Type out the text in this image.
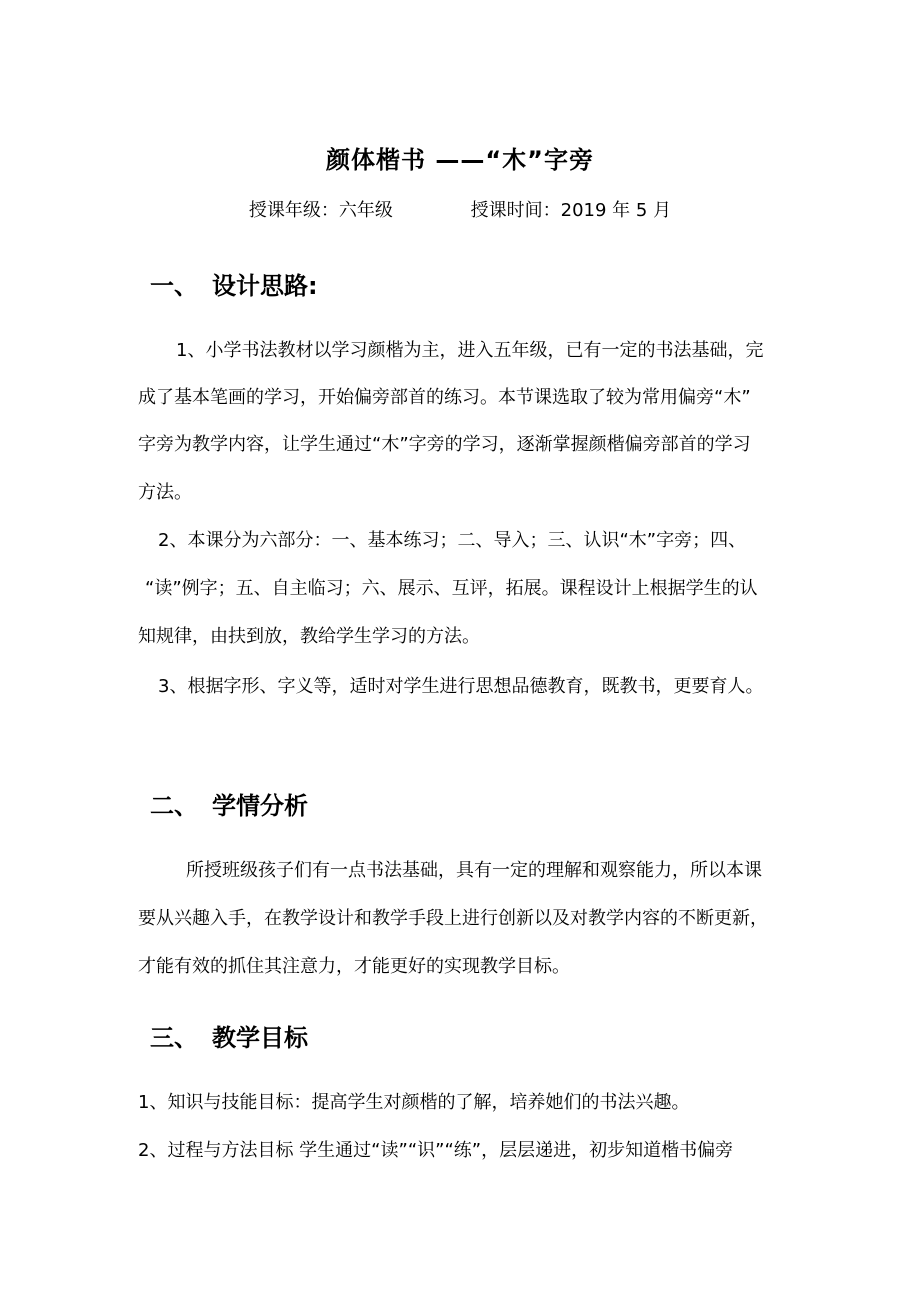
颜体楷书 ——“木”字旁
授课年级：六年级	授课时间：2019 年 5 月
一、 设计思路:
1、小学书法教材以学习颜楷为主，进入五年级，已有一定的书法基础，完
成了基本笔画的学习，开始偏旁部首的练习。本节课选取了较为常用偏旁“木”
字旁为教学内容，让学生通过“木”字旁的学习，逐渐掌握颜楷偏旁部首的学习
方法。
2、本课分为六部分：一、基本练习；二、导入；三、认识“木”字旁；四、
“读”例字；五、自主临习；六、展示、互评，拓展。课程设计上根据学生的认
知规律，由扶到放，教给学生学习的方法。
3、根据字形、字义等，适时对学生进行思想品德教育，既教书，更要育人。
二、 学情分析
所授班级孩子们有一点书法基础，具有一定的理解和观察能力，所以本课
要从兴趣入手，在教学设计和教学手段上进行创新以及对教学内容的不断更新，
才能有效的抓住其注意力，才能更好的实现教学目标。
三、 教学目标
1、知识与技能目标：提高学生对颜楷的了解，培养她们的书法兴趣。
2、过程与方法目标 学生通过“读”“识”“练”，层层递进，初步知道楷书偏旁
